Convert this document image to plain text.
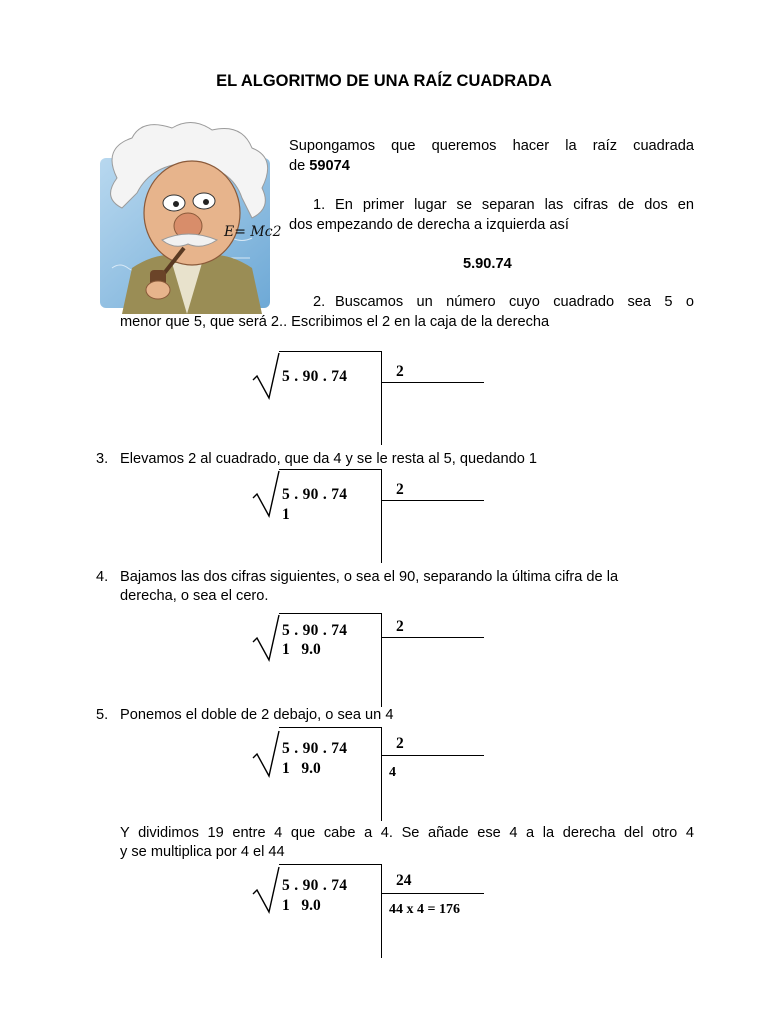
EL ALGORITMO DE UNA RAÍZ CUADRADA
E= Mc2
Supongamos que queremos hacer la raíz cuadrada
de 59074
1. En primer lugar se separan las cifras de dos en
dos empezando de derecha a izquierda así
5.90.74
2. Buscamos un número cuyo cuadrado sea 5 o
menor que 5, que será 2.. Escribimos el 2 en la caja de la derecha
5 . 90 . 74	2
3. Elevamos 2 al cuadrado, que da 4 y se le resta al 5, quedando 1
5 . 90 . 74
1
2
4. Bajamos las dos cifras siguientes, o sea el 90, separando la última cifra de la
derecha, o sea el cero.
5 . 90 . 74
1   9.0
2
5. Ponemos el doble de 2 debajo, o sea un 4
5 . 90 . 74
1   9.0
2
4
Y dividimos 19 entre 4 que cabe a 4. Se añade ese 4 a la derecha del otro 4
y se multiplica por 4 el 44
5 . 90 . 74
1   9.0
24
44 x 4 = 176
